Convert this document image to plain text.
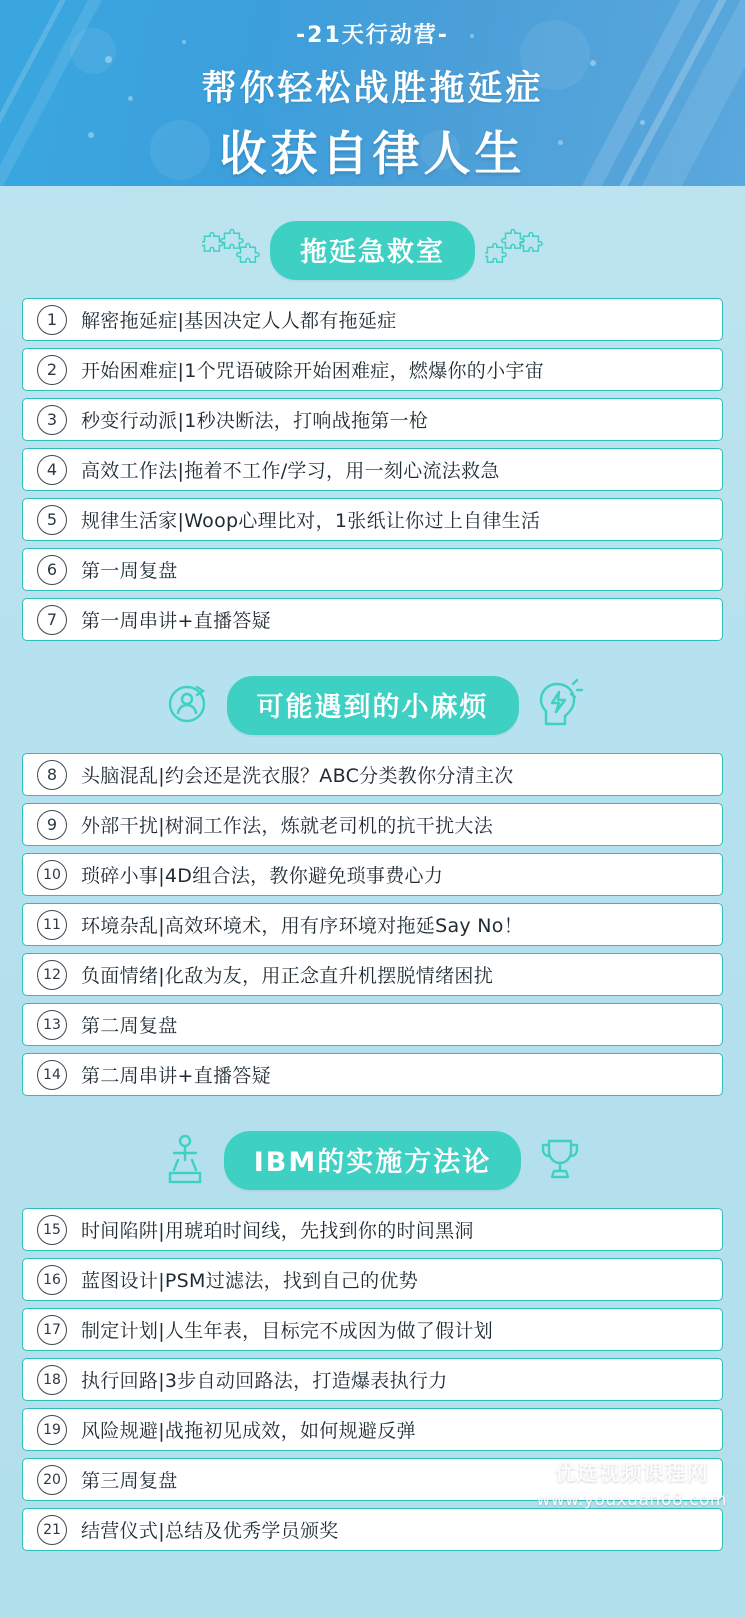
-21天行动营-
帮你轻松战胜拖延症
收获自律人生
拖延急救室
1	解密拖延症|基因决定人人都有拖延症
2	开始困难症|1个咒语破除开始困难症，燃爆你的小宇宙
3	秒变行动派|1秒决断法，打响战拖第一枪
4	高效工作法|拖着不工作/学习，用一刻心流法救急
5	规律生活家|Woop心理比对，1张纸让你过上自律生活
6	第一周复盘
7	第一周串讲+直播答疑
可能遇到的小麻烦
8	头脑混乱|约会还是洗衣服？ABC分类教你分清主次
9	外部干扰|树洞工作法，炼就老司机的抗干扰大法
10	琐碎小事|4D组合法，教你避免琐事费心力
11	环境杂乱|高效环境术，用有序环境对拖延Say No！
12	负面情绪|化敌为友，用正念直升机摆脱情绪困扰
13	第二周复盘
14	第二周串讲+直播答疑
IBM的实施方法论
15	时间陷阱|用琥珀时间线，先找到你的时间黑洞
16	蓝图设计|PSM过滤法，找到自己的优势
17	制定计划|人生年表，目标完不成因为做了假计划
18	执行回路|3步自动回路法，打造爆表执行力
19	风险规避|战拖初见成效，如何规避反弹
20	第三周复盘
21	结营仪式|总结及优秀学员颁奖
优选视频课程网
www.youxuan68.com
